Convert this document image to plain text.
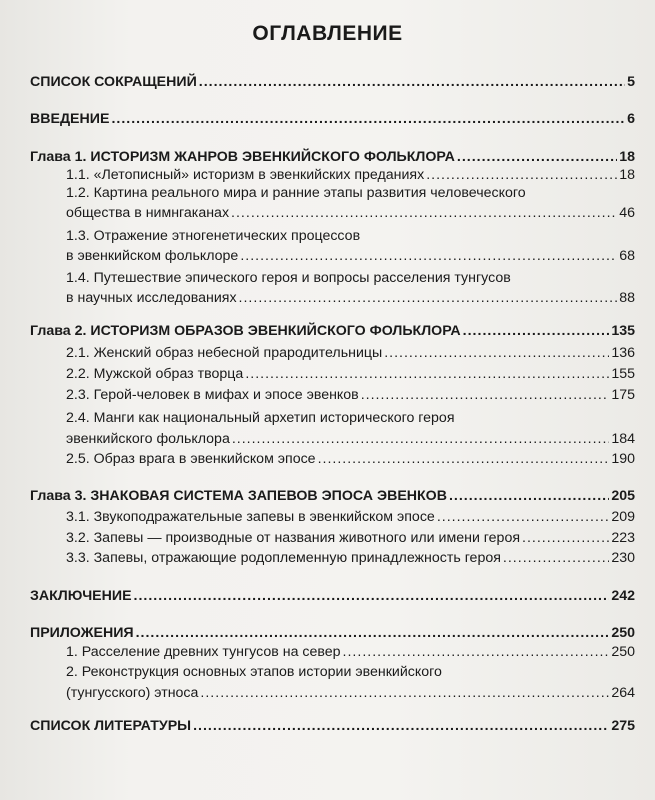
ОГЛАВЛЕНИЕ
СПИСОК СОКРАЩЕНИЙ .....	5
ВВЕДЕНИЕ .....	6
Глава 1. ИСТОРИЗМ ЖАНРОВ ЭВЕНКИЙСКОГО ФОЛЬКЛОРА .....	18
1.1. «Летописный» историзм в эвенкийских преданиях .....	18
1.2. Картина реального мира и ранние этапы развития человеческого
общества в нимнгаканах .....	46
1.3. Отражение этногенетических процессов
в эвенкийском фольклоре .....	68
1.4. Путешествие эпического героя и вопросы расселения тунгусов
в научных исследованиях .....	88
Глава 2. ИСТОРИЗМ ОБРАЗОВ ЭВЕНКИЙСКОГО ФОЛЬКЛОРА .....	135
2.1. Женский образ небесной прародительницы .....	136
2.2. Мужской образ творца .....	155
2.3. Герой-человек в мифах и эпосе эвенков .....	175
2.4. Манги как национальный архетип исторического героя
эвенкийского фольклора .....	184
2.5. Образ врага в эвенкийском эпосе .....	190
Глава 3. ЗНАКОВАЯ СИСТЕМА ЗАПЕВОВ ЭПОСА ЭВЕНКОВ .....	205
3.1. Звукоподражательные запевы в эвенкийском эпосе .....	209
3.2. Запевы — производные от названия животного или имени героя .....	223
3.3. Запевы, отражающие родоплеменную принадлежность героя .....	230
ЗАКЛЮЧЕНИЕ .....	242
ПРИЛОЖЕНИЯ .....	250
1. Расселение древних тунгусов на север .....	250
2. Реконструкция основных этапов истории эвенкийского
(тунгусского) этноса .....	264
СПИСОК ЛИТЕРАТУРЫ .....	275
